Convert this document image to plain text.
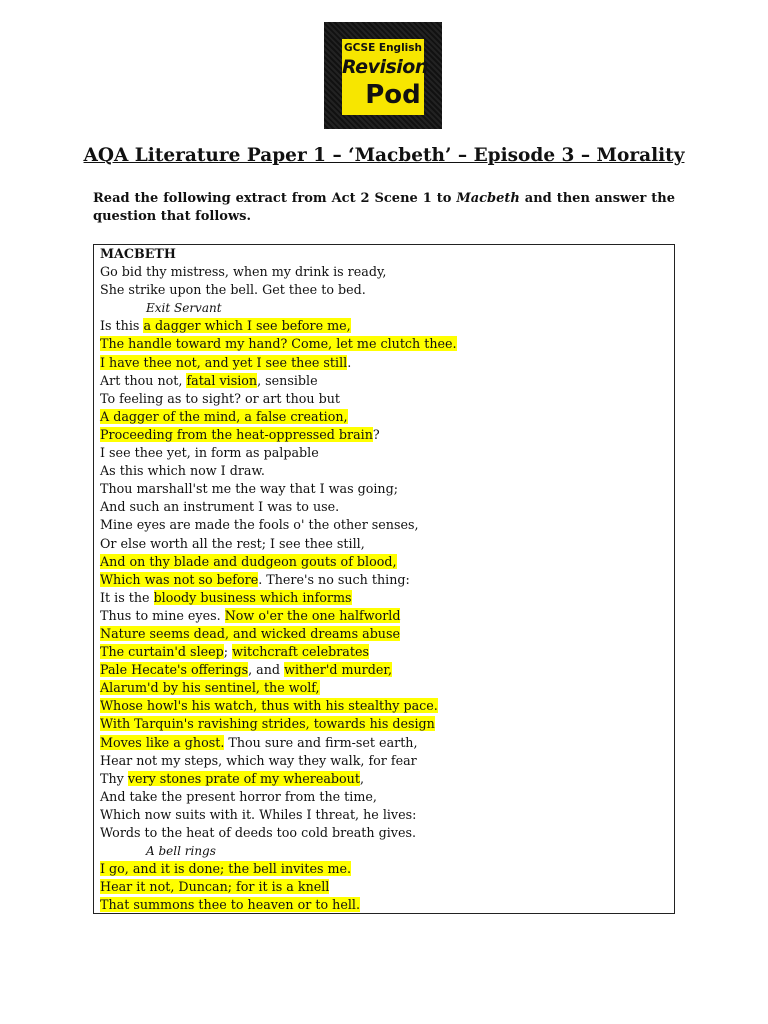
GCSE English
Revision
Pod
AQA Literature Paper 1 – ‘Macbeth’ – Episode 3 – Morality
Read the following extract from Act 2 Scene 1 to Macbeth and then answer the question that follows.
MACBETH
Go bid thy mistress, when my drink is ready,
She strike upon the bell. Get thee to bed.
Exit Servant
Is this a dagger which I see before me,
The handle toward my hand? Come, let me clutch thee.
I have thee not, and yet I see thee still.
Art thou not, fatal vision, sensible
To feeling as to sight? or art thou but
A dagger of the mind, a false creation,
Proceeding from the heat-oppressed brain?
I see thee yet, in form as palpable
As this which now I draw.
Thou marshall'st me the way that I was going;
And such an instrument I was to use.
Mine eyes are made the fools o' the other senses,
Or else worth all the rest; I see thee still,
And on thy blade and dudgeon gouts of blood,
Which was not so before. There's no such thing:
It is the bloody business which informs
Thus to mine eyes. Now o'er the one halfworld
Nature seems dead, and wicked dreams abuse
The curtain'd sleep; witchcraft celebrates
Pale Hecate's offerings, and wither'd murder,
Alarum'd by his sentinel, the wolf,
Whose howl's his watch, thus with his stealthy pace.
With Tarquin's ravishing strides, towards his design
Moves like a ghost. Thou sure and firm-set earth,
Hear not my steps, which way they walk, for fear
Thy very stones prate of my whereabout,
And take the present horror from the time,
Which now suits with it. Whiles I threat, he lives:
Words to the heat of deeds too cold breath gives.
A bell rings
I go, and it is done; the bell invites me.
Hear it not, Duncan; for it is a knell
That summons thee to heaven or to hell.
